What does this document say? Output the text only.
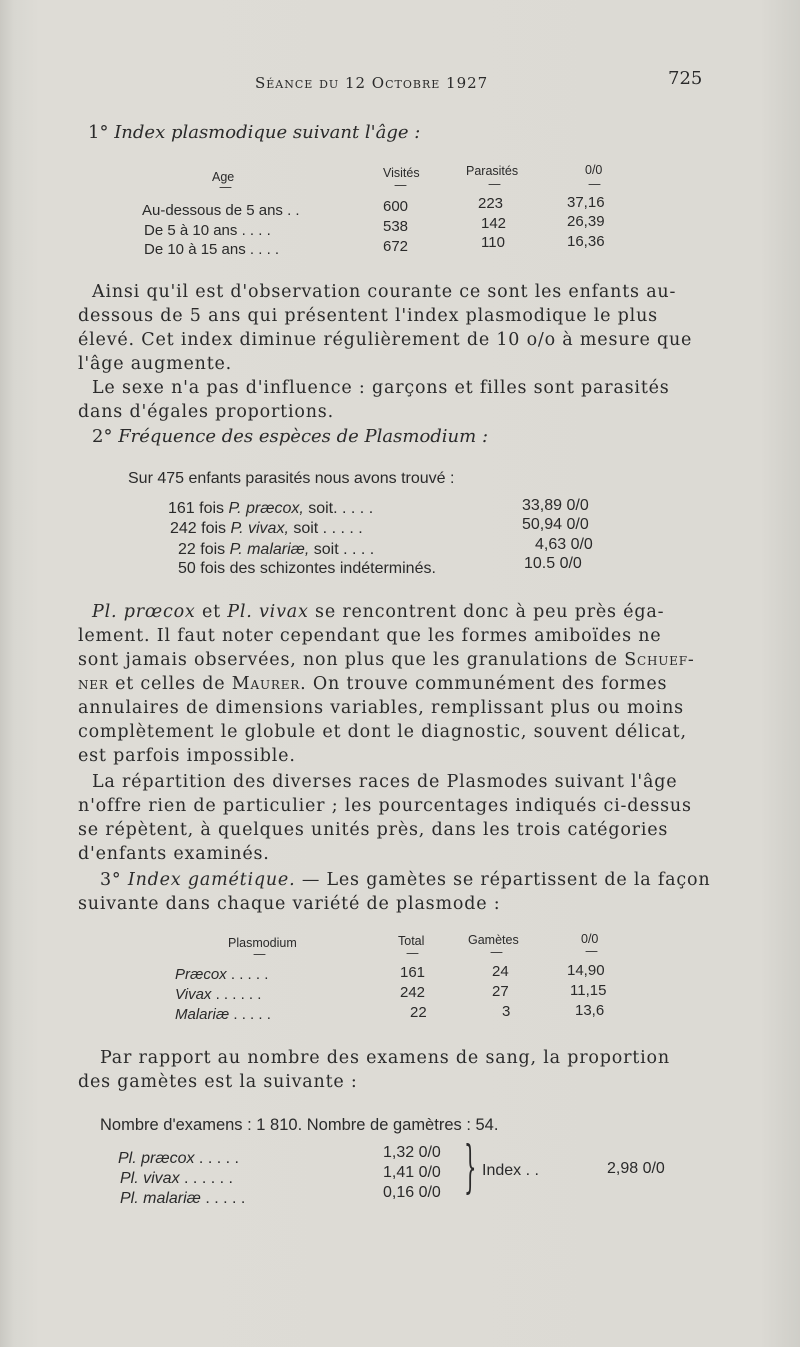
Séance du 12 Octobre 1927	725
1° Index plasmodique suivant l'âge :
Age	Visités	Parasités	0/0
—	—	—	—
Au-dessous de 5 ans . .	600	223	37,16
De 5 à 10 ans . . . .	538	142	26,39
De 10 à 15 ans . . . .	672	110	16,36
Ainsi qu'il est d'observation courante ce sont les enfants au-
dessous de 5 ans qui présentent l'index plasmodique le plus
élevé. Cet index diminue régulièrement de 10 o/o à mesure que
l'âge augmente.
Le sexe n'a pas d'influence : garçons et filles sont parasités
dans d'égales proportions.
2° Fréquence des espèces de Plasmodium :
Sur 475 enfants parasités nous avons trouvé :
161 fois P. præcox, soit. . . . .	33,89 0/0
242 fois P. vivax, soit . . . . .	50,94 0/0
22 fois P. malariæ, soit . . . .	4,63 0/0
50 fois des schizontes indéterminés.	10.5 0/0
Pl. prœcox et Pl. vivax se rencontrent donc à peu près éga-
lement. Il faut noter cependant que les formes amiboïdes ne
sont jamais observées, non plus que les granulations de Schuef-
ner et celles de Maurer. On trouve communément des formes
annulaires de dimensions variables, remplissant plus ou moins
complètement le globule et dont le diagnostic, souvent délicat,
est parfois impossible.
La répartition des diverses races de Plasmodes suivant l'âge
n'offre rien de particulier ; les pourcentages indiqués ci-dessus
se répètent, à quelques unités près, dans les trois catégories
d'enfants examinés.
3° Index gamétique. — Les gamètes se répartissent de la façon
suivante dans chaque variété de plasmode :
Plasmodium	Total	Gamètes	0/0
—	—	—	—
Præcox . . . . .	161	24	14,90
Vivax . . . . . .	242	27	11,15
Malariæ . . . . .	22	3	13,6
Par rapport au nombre des examens de sang, la proportion
des gamètes est la suivante :
Nombre d'examens : 1 810. Nombre de gamètres : 54.
Pl. præcox . . . . .	1,32 0/0
Pl. vivax . . . . . .	1,41 0/0
Pl. malariæ . . . . .	0,16 0/0 } Index . .	2,98 0/0
